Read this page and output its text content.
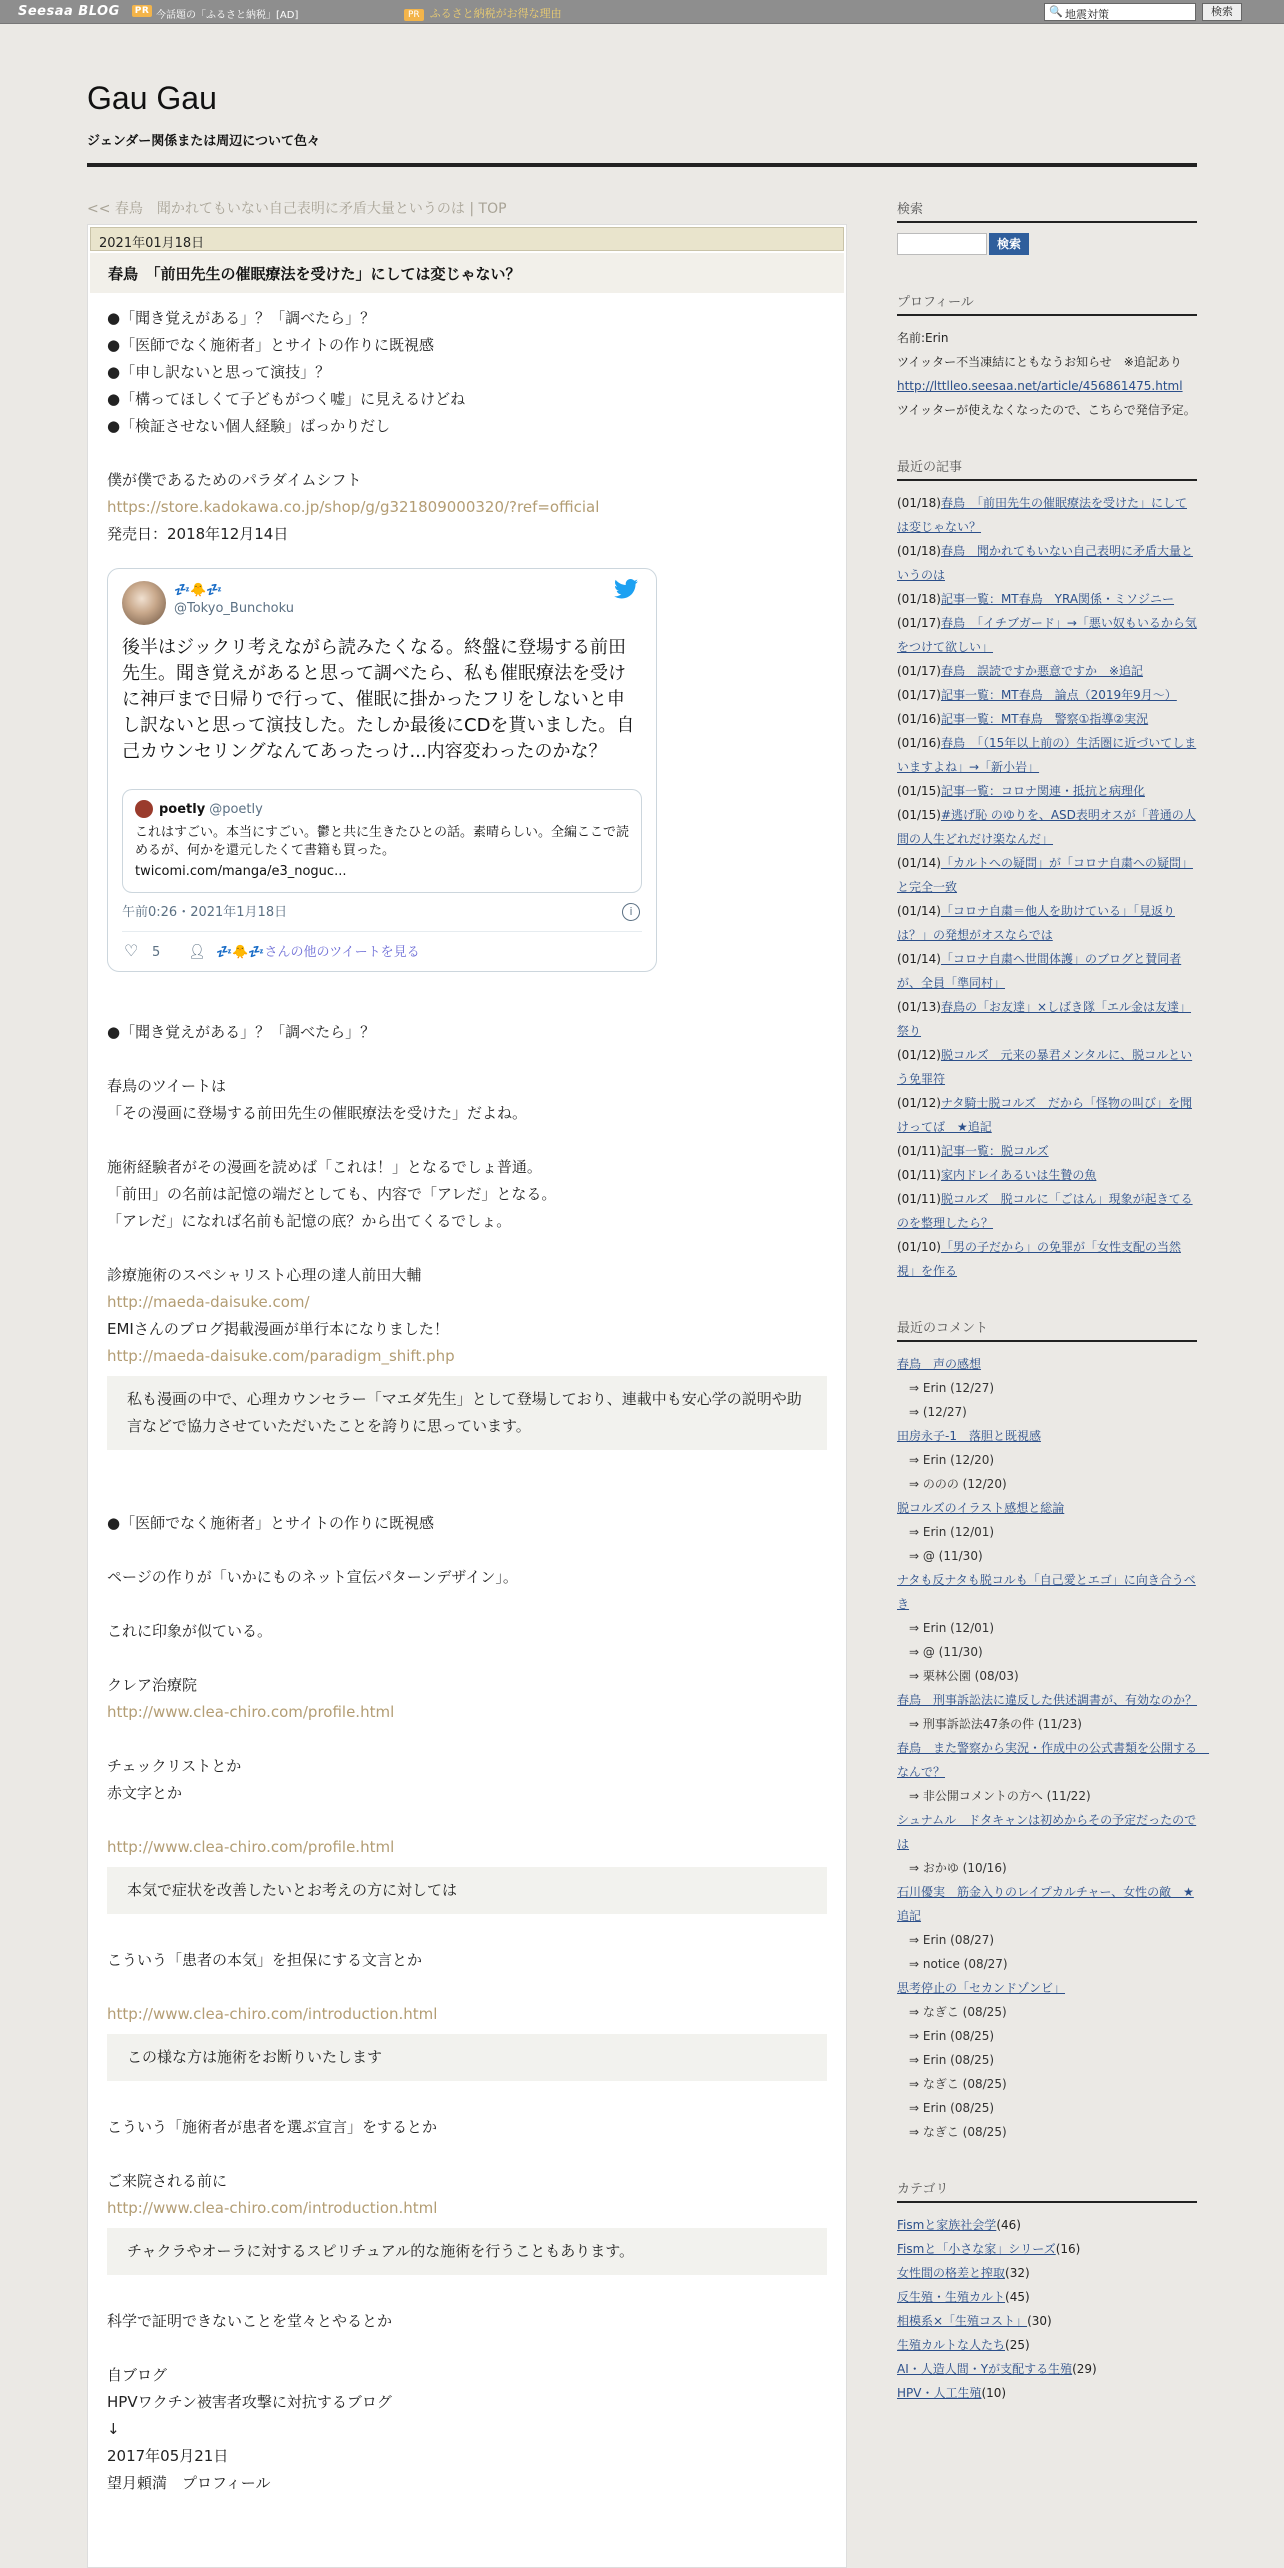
Seesaa BLOG PR 今話題の「ふるさと納税」[AD]	PR ふるさと納税がお得な理由	🔍 地震対策	検索
Gau Gau
ジェンダー関係または周辺について色々
<< 春鳥　聞かれてもいない自己表明に矛盾大量というのは | TOP
2021年01月18日
春鳥　「前田先生の催眠療法を受けた」にしては変じゃない？

●「聞き覚えがある」？「調べたら」？

●「医師でなく施術者」とサイトの作りに既視感

●「申し訳ないと思って演技」？

●「構ってほしくて子どもがつく嘘」に見えるけどね

●「検証させない個人経験」ばっかりだし

僕が僕であるためのパラダイムシフト

https://store.kadokawa.co.jp/shop/g/g321809000320/?ref=official

発売日：2018年12月14日

💤🐥💤
@Tokyo_Bunchoku
後半はジックリ考えながら読みたくなる。終盤に登場する前田先生。聞き覚えがあると思って調べたら、私も催眠療法を受けに神戸まで日帰りで行って、催眠に掛かったフリをしないと申し訳ないと思って演技した。たしか最後にCDを貰いました。自己カウンセリングなんてあったっけ...内容変わったのかな？
poetly @poetly
これはすごい。本当にすごい。鬱と共に生きたひとの話。素晴らしい。全編ここで読めるが、何かを還元したくて書籍も買った。
twicomi.com/manga/e3_noguc...
午前0:26・2021年1月18日	i
♡ 5 👤︎ 💤🐥💤さんの他のツイートを見る

●「聞き覚えがある」？「調べたら」？

春鳥のツイートは

「その漫画に登場する前田先生の催眠療法を受けた」だよね。

施術経験者がその漫画を読めば「これは！」となるでしょ普通。

「前田」の名前は記憶の端だとしても、内容で「アレだ」となる。

「アレだ」になれば名前も記憶の底？から出てくるでしょ。

診療施術のスペシャリスト心理の達人前田大輔

http://maeda-daisuke.com/

EMIさんのブログ掲載漫画が単行本になりました！

http://maeda-daisuke.com/paradigm_shift.php

私も漫画の中で、心理カウンセラー「マエダ先生」として登場しており、連載中も安心学の説明や助言などで協力させていただいたことを誇りに思っています。

●「医師でなく施術者」とサイトの作りに既視感

ページの作りが「いかにものネット宣伝パターンデザイン」。

これに印象が似ている。

クレア治療院

http://www.clea-chiro.com/profile.html

チェックリストとか

赤文字とか

http://www.clea-chiro.com/profile.html

本気で症状を改善したいとお考えの方に対しては

こういう「患者の本気」を担保にする文言とか

http://www.clea-chiro.com/introduction.html

この様な方は施術をお断りいたします

こういう「施術者が患者を選ぶ宣言」をするとか

ご来院される前に

http://www.clea-chiro.com/introduction.html

チャクラやオーラに対するスピリチュアル的な施術を行うこともあります。

科学で証明できないことを堂々とやるとか

自ブログ

HPVワクチン被害者攻撃に対抗するブログ

↓

2017年05月21日

望月頼満　プロフィール

検索
検索
プロフィール

名前:Erin

ツイッター不当凍結にともなうお知らせ　※追記あり

http://lttlleo.seesaa.net/article/456861475.html

ツイッターが使えなくなったので、こちらで発信予定。

最近の記事
(01/18)春鳥　「前田先生の催眠療法を受けた」にしては変じゃない？
(01/18)春鳥　聞かれてもいない自己表明に矛盾大量というのは
(01/18)記事一覧：MT春鳥　YRA関係・ミソジニー
(01/17)春鳥　「イチブガード」→「悪い奴もいるから気をつけて欲しい」
(01/17)春鳥　誤読ですか悪意ですか　※追記
(01/17)記事一覧：MT春鳥　論点（2019年9月〜）
(01/16)記事一覧：MT春鳥　警察①指導②実況
(01/16)春鳥　「（15年以上前の）生活圏に近づいてしまいますよね」→「新小岩」
(01/15)記事一覧：コロナ関連・抵抗と病理化
(01/15)#逃げ恥 のゆりを、ASD表明オスが「普通の人間の人生どれだけ楽なんだ」
(01/14)「カルトへの疑問」が「コロナ自粛への疑問」と完全一致
(01/14)「コロナ自粛＝他人を助けている」「見返りは？」の発想がオスならでは
(01/14)「コロナ自粛へ世間体護」のブログと賛同者が、全員「準同村」
(01/13)春鳥の「お友達」×しばき隊「エル金は友達」祭り
(01/12)脱コルズ　元来の暴君メンタルに、脱コルという免罪符
(01/12)ナタ騎士脱コルズ　だから「怪物の叫び」を聞けってば　★追記
(01/11)記事一覧：脱コルズ
(01/11)家内ドレイあるいは生贄の魚
(01/11)脱コルズ　脱コルに「ごはん」現象が起きてるのを整理したら？
(01/10)「男の子だから」の免罪が「女性支配の当然視」を作る
最近のコメント
春鳥　声の感想
⇒ Erin (12/27)
⇒ (12/27)
田房永子-1　落胆と既視感
⇒ Erin (12/20)
⇒ ののの (12/20)
脱コルズのイラスト感想と総論
⇒ Erin (12/01)
⇒ @ (11/30)
ナタも反ナタも脱コルも「自己愛とエゴ」に向き合うべき
⇒ Erin (12/01)
⇒ @ (11/30)
⇒ 栗林公園 (08/03)
春鳥　刑事訴訟法に違反した供述調書が、有効なのか？
⇒ 刑事訴訟法47条の件 (11/23)
春鳥　また警察から実況・作成中の公式書類を公開する　なんで？
⇒ 非公開コメントの方へ (11/22)
シュナムル　ドタキャンは初めからその予定だったのでは
⇒ おかゆ (10/16)
石川優実　筋金入りのレイプカルチャー、女性の敵　★追記
⇒ Erin (08/27)
⇒ notice (08/27)
思考停止の「セカンドゾンビ」
⇒ なぎこ (08/25)
⇒ Erin (08/25)
⇒ Erin (08/25)
⇒ なぎこ (08/25)
⇒ Erin (08/25)
⇒ なぎこ (08/25)
カテゴリ
Fismと家族社会学(46)
Fismと「小さな家」シリーズ(16)
女性間の格差と搾取(32)
反生殖・生殖カルト(45)
相模系×「生殖コスト」(30)
生殖カルトな人たち(25)
AI・人造人間・Yが支配する生殖(29)
HPV・人工生殖(10)
